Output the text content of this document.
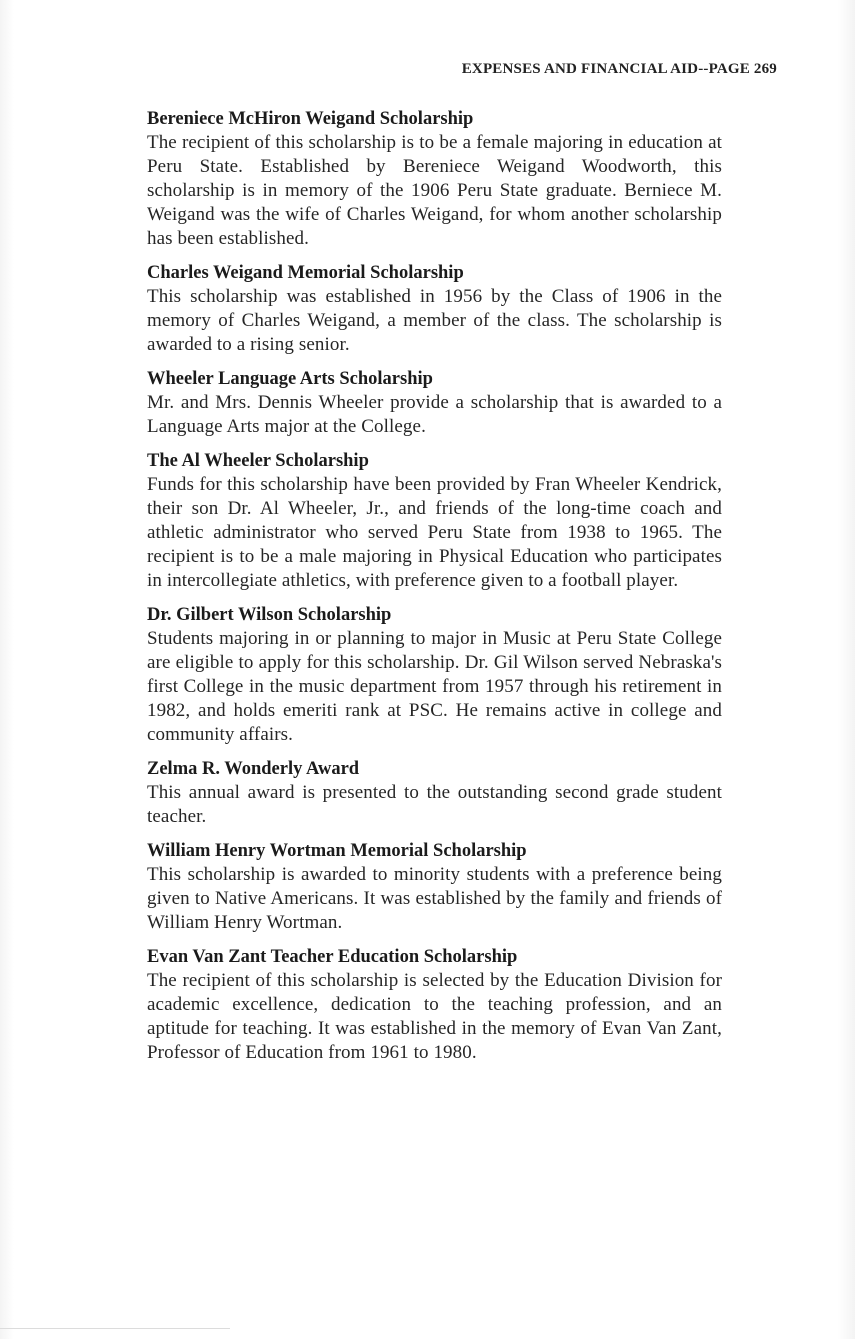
EXPENSES AND FINANCIAL AID--PAGE 269
Bereniece McHiron Weigand Scholarship

The recipient of this scholarship is to be a female majoring in education at Peru State. Established by Bereniece Weigand Woodworth, this scholarship is in memory of the 1906 Peru State graduate. Berniece M. Weigand was the wife of Charles Weigand, for whom another scholarship has been established.

Charles Weigand Memorial Scholarship

This scholarship was established in 1956 by the Class of 1906 in the memory of Charles Weigand, a member of the class. The scholarship is awarded to a rising senior.

Wheeler Language Arts Scholarship

Mr. and Mrs. Dennis Wheeler provide a scholarship that is awarded to a Language Arts major at the College.

The Al Wheeler Scholarship

Funds for this scholarship have been provided by Fran Wheeler Kendrick, their son Dr. Al Wheeler, Jr., and friends of the long-time coach and athletic administrator who served Peru State from 1938 to 1965. The recipient is to be a male majoring in Physical Education who participates in intercollegiate athletics, with preference given to a football player.

Dr. Gilbert Wilson Scholarship

Students majoring in or planning to major in Music at Peru State College are eligible to apply for this scholarship. Dr. Gil Wilson served Nebraska's first College in the music department from 1957 through his retirement in 1982, and holds emeriti rank at PSC. He remains active in college and community affairs.

Zelma R. Wonderly Award

This annual award is presented to the outstanding second grade student teacher.

William Henry Wortman Memorial Scholarship

This scholarship is awarded to minority students with a preference being given to Native Americans. It was established by the family and friends of William Henry Wortman.

Evan Van Zant Teacher Education Scholarship

The recipient of this scholarship is selected by the Education Division for academic excellence, dedication to the teaching profession, and an aptitude for teaching. It was established in the memory of Evan Van Zant, Professor of Education from 1961 to 1980.
